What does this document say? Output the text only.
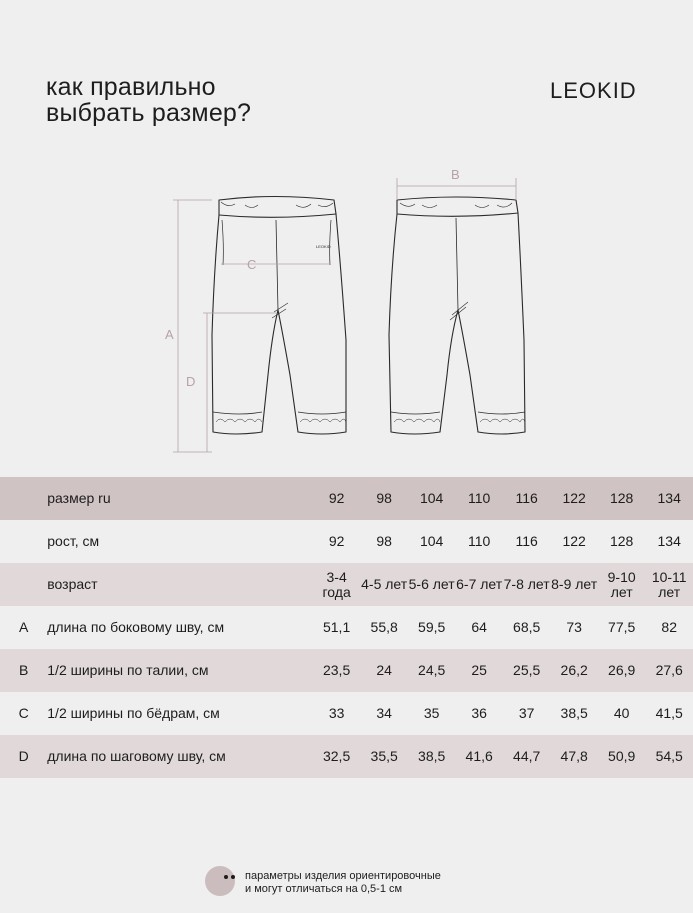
как правильно
выбрать размер?
LEOKID
LEOKID
A
D
C
B
	размер ru	92	98	104	110	116	122	128	134
	рост, см	92	98	104	110	116	122	128	134
	возраст	3-4 года	4-5 лет	5-6 лет	6-7 лет	7-8 лет	8-9 лет	9-10 лет	10-11 лет
A	длина по боковому шву, см	51,1	55,8	59,5	64	68,5	73	77,5	82
B	1/2 ширины по талии, см	23,5	24	24,5	25	25,5	26,2	26,9	27,6
C	1/2 ширины по бёдрам, см	33	34	35	36	37	38,5	40	41,5
D	длина по шаговому шву, см	32,5	35,5	38,5	41,6	44,7	47,8	50,9	54,5
параметры изделия ориентировочные
и могут отличаться на 0,5-1 см
